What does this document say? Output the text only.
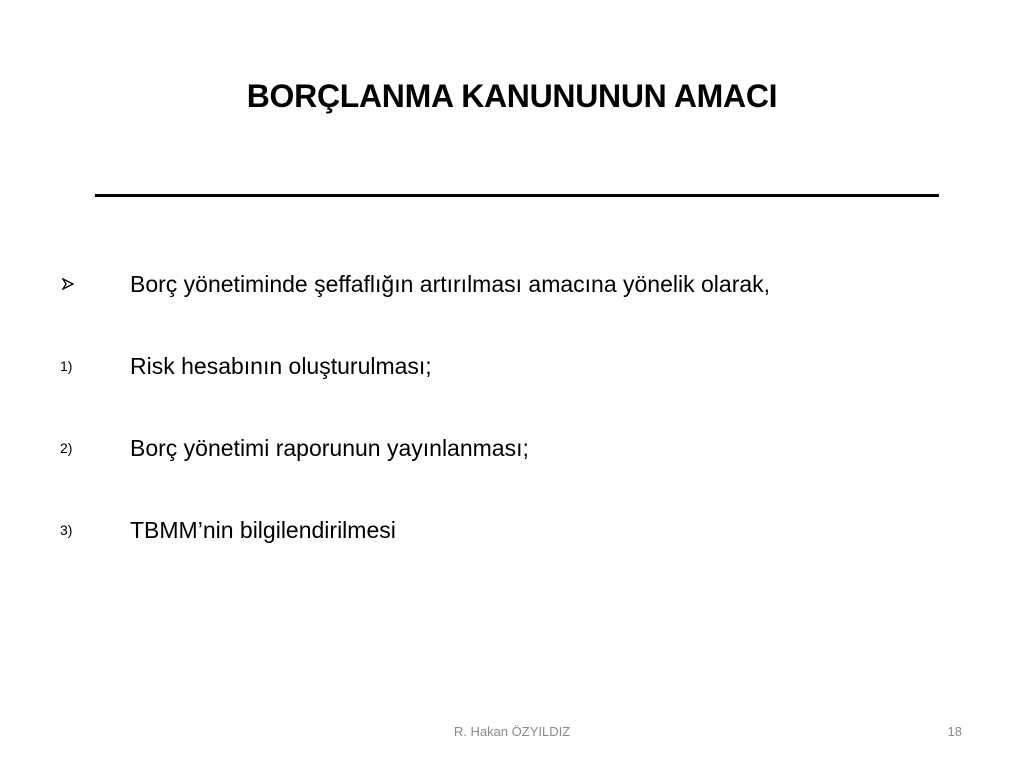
BORÇLANMA KANUNUNUN AMACI
Borç yönetiminde şeffaflığın artırılması amacına yönelik olarak,
1)	Risk hesabının oluşturulması;
2)	Borç yönetimi raporunun yayınlanması;
3)	TBMM’nin bilgilendirilmesi
R. Hakan ÖZYILDIZ	18
